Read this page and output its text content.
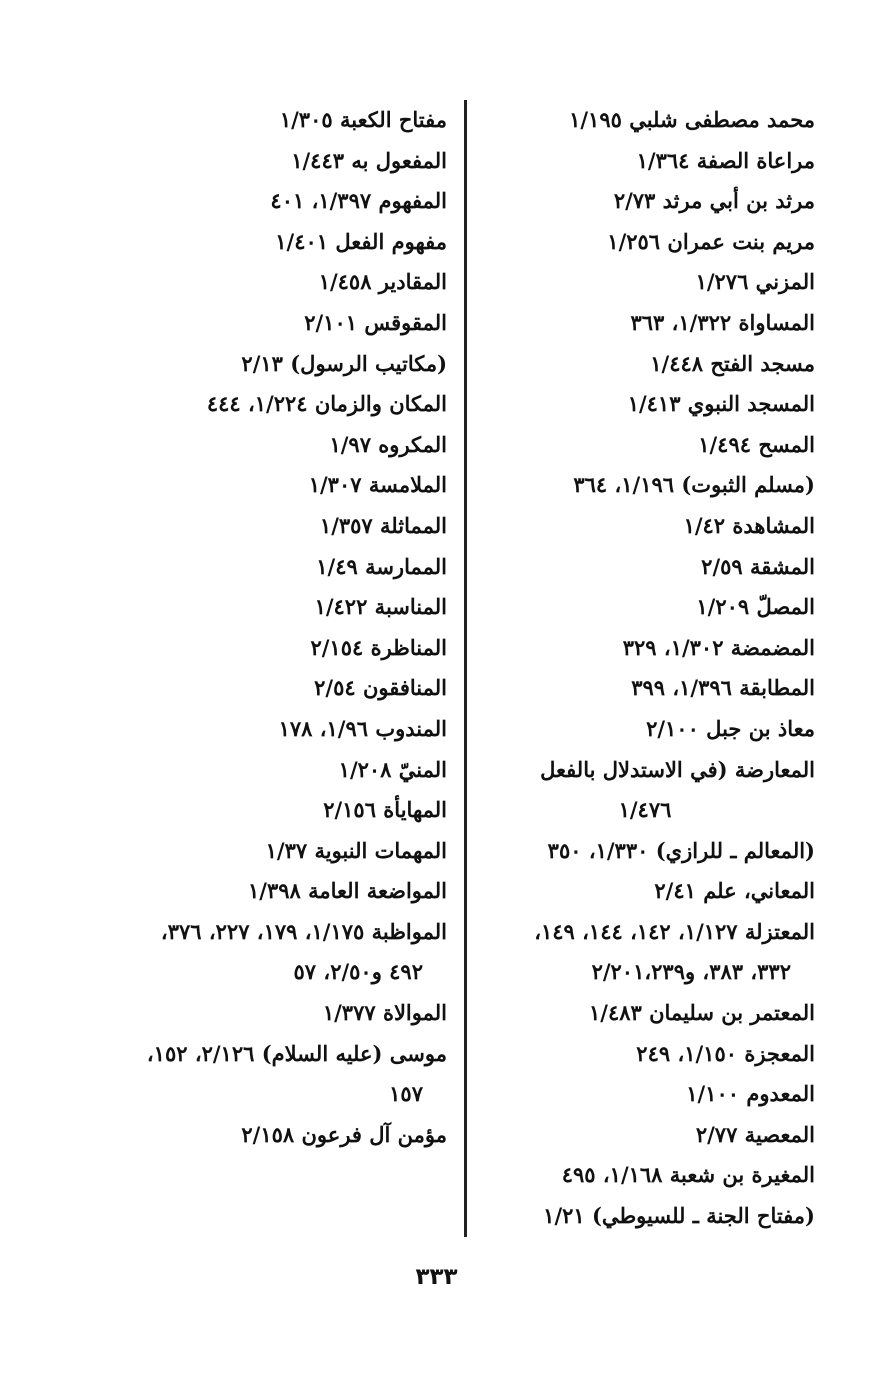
محمد مصطفى شلبي ١/١٩٥
مراعاة الصفة ١/٣٦٤
مرثد بن أبي مرثد ٢/٧٣
مريم بنت عمران ١/٢٥٦
المزني ١/٢٧٦
المساواة ١/٣٢٢، ٣٦٣
مسجد الفتح ١/٤٤٨
المسجد النبوي ١/٤١٣
المسح ١/٤٩٤
(مسلم الثبوت) ١/١٩٦، ٣٦٤
المشاهدة ١/٤٢
المشقة ٢/٥٩
المصلّ ١/٢٠٩
المضمضة ١/٣٠٢، ٣٢٩
المطابقة ١/٣٩٦، ٣٩٩
معاذ بن جبل ٢/١٠٠
المعارضة (في الاستدلال بالفعل
١/٤٧٦
(المعالم ـ للرازي) ١/٣٣٠، ٣٥٠
المعاني، علم ٢/٤١
المعتزلة ١/١٢٧، ١٤٢، ١٤٤، ١٤٩،
٣٣٢، ٣٨٣، و٢/٢٠١،٢٣٩
المعتمر بن سليمان ١/٤٨٣
المعجزة ١/١٥٠، ٢٤٩
المعدوم ١/١٠٠
المعصية ٢/٧٧
المغيرة بن شعبة ١/١٦٨، ٤٩٥
(مفتاح الجنة ـ للسيوطي) ١/٢١
مفتاح الكعبة ١/٣٠٥
المفعول به ١/٤٤٣
المفهوم ١/٣٩٧، ٤٠١
مفهوم الفعل ١/٤٠١
المقادير ١/٤٥٨
المقوقس ٢/١٠١
(مكاتيب الرسول) ٢/١٣
المكان والزمان ١/٢٢٤، ٤٤٤
المكروه ١/٩٧
الملامسة ١/٣٠٧
المماثلة ١/٣٥٧
الممارسة ١/٤٩
المناسبة ١/٤٢٢
المناظرة ٢/١٥٤
المنافقون ٢/٥٤
المندوب ١/٩٦، ١٧٨
المنيّ ١/٢٠٨
المهايأة ٢/١٥٦
المهمات النبوية ١/٣٧
المواضعة العامة ١/٣٩٨
المواظبة ١/١٧٥، ١٧٩، ٢٢٧، ٣٧٦،
٤٩٢ و٢/٥٠، ٥٧
الموالاة ١/٣٧٧
موسى (عليه السلام) ٢/١٢٦، ١٥٢،
١٥٧
مؤمن آل فرعون ٢/١٥٨
٣٣٣
